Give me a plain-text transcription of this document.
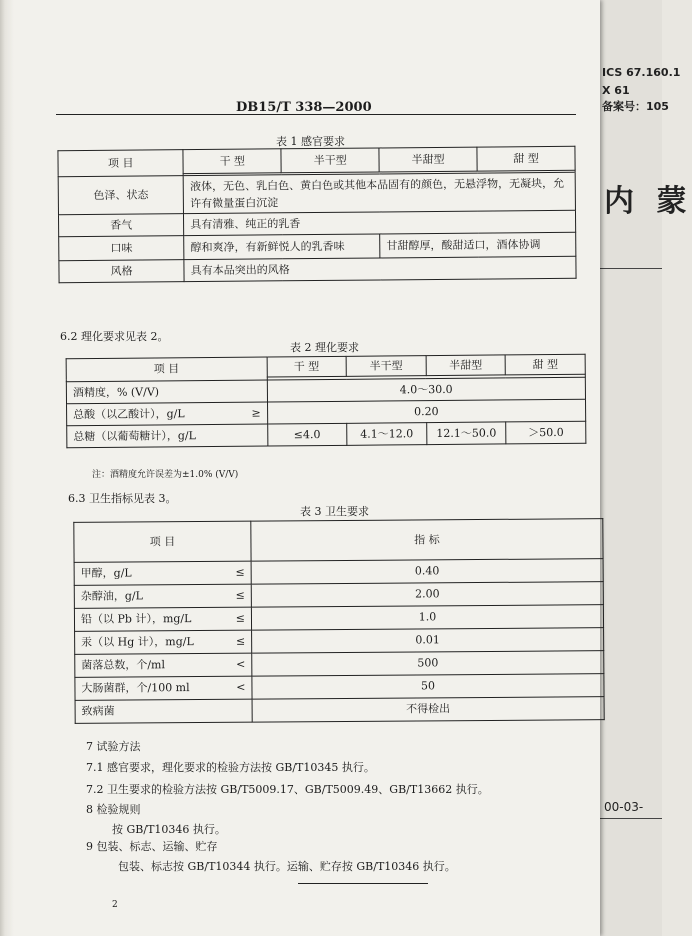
ICS 67.160.1
X 61
备案号：105
内 蒙
00-03-
DB15/T 338—2000
表 1 感官要求
项 目	干 型	半干型	半甜型	甜 型

色泽、状态	液体，无色、乳白色、黄白色或其他本品固有的颜色，无悬浮物，无凝块，允许有微量蛋白沉淀			
香气	具有清雅、纯正的乳香			
口味	醇和爽净，有新鲜悦人的乳香味		甘甜醇厚，酸甜适口，酒体协调	
风格	具有本品突出的风格			
6.2 理化要求见表 2。
表 2 理化要求
项 目	干 型	半干型	半甜型	甜 型

酒精度，% (V/V)	4.0～30.0			
总酸（以乙酸计），g/L ≥	0.20			
总糖（以葡萄糖计），g/L	≤4.0	4.1～12.0	12.1～50.0	＞50.0
注：酒精度允许误差为±1.0% (V/V)
6.3 卫生指标见表 3。
表 3 卫生要求
项 目	指 标
甲醇，g/L ≤	0.40
杂醇油，g/L ≤	2.00
铅（以 Pb 计），mg/L ≤	1.0
汞（以 Hg 计），mg/L ≤	0.01
菌落总数，个/ml <	500
大肠菌群，个/100 ml <	50
致病菌	不得检出
7 试验方法
7.1 感官要求，理化要求的检验方法按 GB/T10345 执行。
7.2 卫生要求的检验方法按 GB/T5009.17、GB/T5009.49、GB/T13662 执行。
8 检验规则
按 GB/T10346 执行。
9 包装、标志、运输、贮存
包装、标志按 GB/T10344 执行。运输、贮存按 GB/T10346 执行。
2
